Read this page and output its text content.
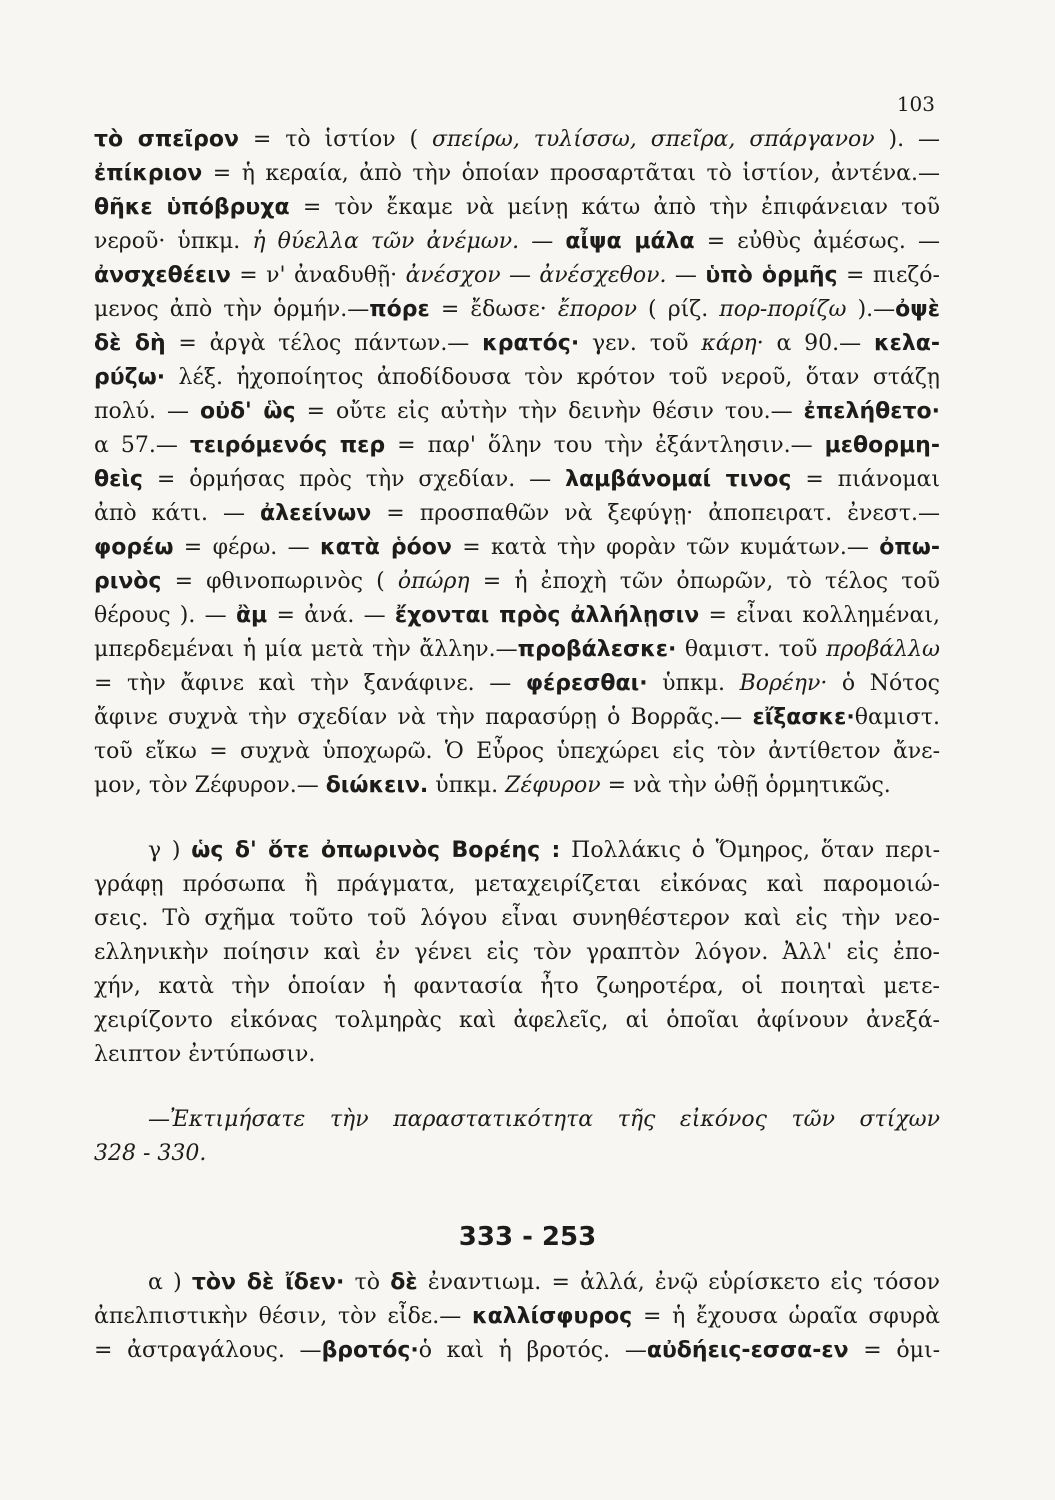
103
τὸ σπεῖρον = τὸ ἱστίον ( σπείρω, τυλίσσω, σπεῖρα, σπάργανον ). —
ἐπίκριον = ἡ κεραία, ἀπὸ τὴν ὁποίαν προσαρτᾶται τὸ ἱστίον, ἀντένα.—
θῆκε ὑπόβρυχα = τὸν ἔκαμε νὰ μείνῃ κάτω ἀπὸ τὴν ἐπιφάνειαν τοῦ
νεροῦ· ὑπκμ. ἡ θύελλα τῶν ἀνέμων. — αἶψα μάλα = εὐθὺς ἀμέσως. —
ἀνσχεθέειν = ν' ἀναδυθῇ· ἀνέσχον — ἀνέσχεθον. — ὑπὸ ὁρμῆς = πιεζό-
μενος ἀπὸ τὴν ὁρμήν.—πόρε = ἔδωσε· ἔπορον ( ρίζ. πορ-πορίζω ).—ὀψὲ
δὲ δὴ = ἀργὰ τέλος πάντων.— κρατός· γεν. τοῦ κάρη· α 90.— κελα-
ρύζω· λέξ. ἠχοποίητος ἀποδίδουσα τὸν κρότον τοῦ νεροῦ, ὅταν στάζῃ
πολύ. — οὐδ' ὣς = οὔτε εἰς αὐτὴν τὴν δεινὴν θέσιν του.— ἐπελήθετο·
α 57.— τειρόμενός περ = παρ' ὅλην του τὴν ἐξάντλησιν.— μεθορμη-
θεὶς = ὁρμήσας πρὸς τὴν σχεδίαν. — λαμβάνομαί τινος = πιάνομαι
ἀπὸ κάτι. — ἀλεείνων = προσπαθῶν νὰ ξεφύγῃ· ἀποπειρατ. ἐνεστ.—
φορέω = φέρω. — κατὰ ῥόον = κατὰ τὴν φορὰν τῶν κυμάτων.— ὀπω-
ρινὸς = φθινοπωρινὸς ( ὀπώρη = ἡ ἐποχὴ τῶν ὀπωρῶν, τὸ τέλος τοῦ
θέρους ). — ἂμ = ἀνά. — ἔχονται πρὸς ἀλλήλῃσιν = εἶναι κολλημέναι,
μπερδεμέναι ἡ μία μετὰ τὴν ἄλλην.—προβάλεσκε· θαμιστ. τοῦ προβάλλω
= τὴν ἄφινε καὶ τὴν ξανάφινε. — φέρεσθαι· ὑπκμ. Βορέην· ὁ Νότος
ἄφινε συχνὰ τὴν σχεδίαν νὰ τὴν παρασύρῃ ὁ Βορρᾶς.— εἴξασκε·θαμιστ.
τοῦ εἴκω = συχνὰ ὑποχωρῶ. Ὁ Εὖρος ὑπεχώρει εἰς τὸν ἀντίθετον ἄνε-
μον, τὸν Ζέφυρον.— διώκειν. ὑπκμ. Ζέφυρον = νὰ τὴν ὠθῇ ὁρμητικῶς.
γ ) ὡς δ' ὅτε ὀπωρινὸς Βορέης : Πολλάκις ὁ Ὅμηρος, ὅταν περι-
γράφῃ πρόσωπα ἢ πράγματα, μεταχειρίζεται εἰκόνας καὶ παρομοιώ-
σεις. Τὸ σχῆμα τοῦτο τοῦ λόγου εἶναι συνηθέστερον καὶ εἰς τὴν νεο-
ελληνικὴν ποίησιν καὶ ἐν γένει εἰς τὸν γραπτὸν λόγον. Ἀλλ' εἰς ἐπο-
χήν, κατὰ τὴν ὁποίαν ἡ φαντασία ἦτο ζωηροτέρα, οἱ ποιηταὶ μετε-
χειρίζοντο εἰκόνας τολμηρὰς καὶ ἀφελεῖς, αἱ ὁποῖαι ἀφίνουν ἀνεξά-
λειπτον ἐντύπωσιν.
—Ἐκτιμήσατε τὴν παραστατικότητα τῆς εἰκόνος τῶν στίχων
328 - 330.
α ) τὸν δὲ ἴδεν· τὸ δὲ ἐναντιωμ. = ἀλλά, ἐνῷ εὑρίσκετο εἰς τόσον
ἀπελπιστικὴν θέσιν, τὸν εἶδε.— καλλίσφυρος = ἡ ἔχουσα ὡραῖα σφυρὰ
= ἀστραγάλους. —βροτός·ὁ καὶ ἡ βροτός. —αὐδήεις-εσσα-εν = ὁμι-
333 - 253
